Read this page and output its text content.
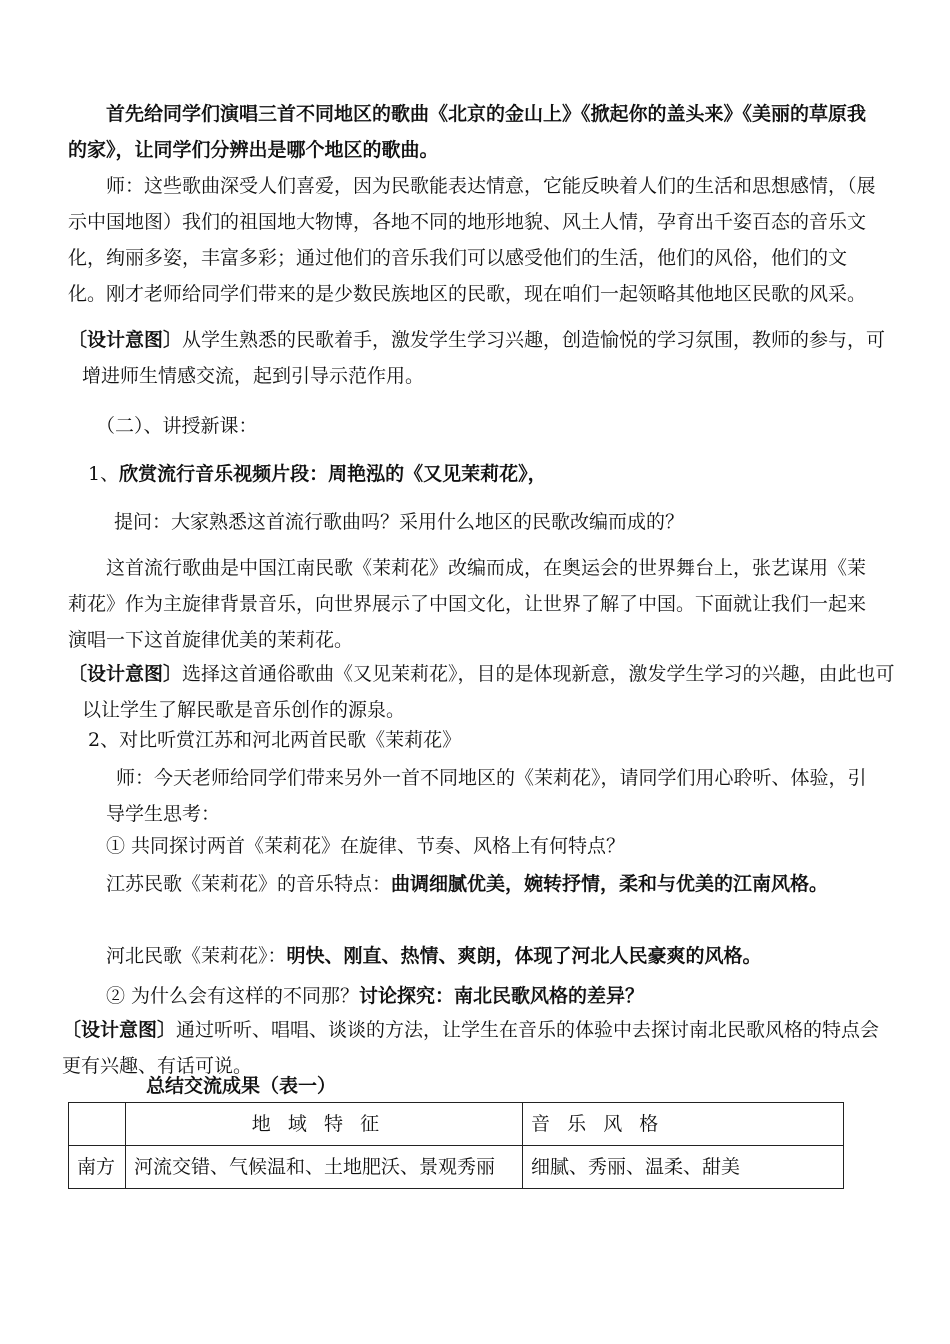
首先给同学们演唱三首不同地区的歌曲《北京的金山上》《掀起你的盖头来》《美丽的草原我的家》，让同学们分辨出是哪个地区的歌曲。

师：这些歌曲深受人们喜爱，因为民歌能表达情意，它能反映着人们的生活和思想感情，（展示中国地图）我们的祖国地大物博，各地不同的地形地貌、风土人情，孕育出千姿百态的音乐文化，绚丽多姿，丰富多彩；通过他们的音乐我们可以感受他们的生活，他们的风俗，他们的文化。刚才老师给同学们带来的是少数民族地区的民歌，现在咱们一起领略其他地区民歌的风采。

〔设计意图〕从学生熟悉的民歌着手，激发学生学习兴趣，创造愉悦的学习氛围，教师的参与，可增进师生情感交流，起到引导示范作用。

（二）、讲授新课：

1、欣赏流行音乐视频片段：周艳泓的《又见茉莉花》，

提问：大家熟悉这首流行歌曲吗？采用什么地区的民歌改编而成的？

这首流行歌曲是中国江南民歌《茉莉花》改编而成，在奥运会的世界舞台上，张艺谋用《茉莉花》作为主旋律背景音乐，向世界展示了中国文化，让世界了解了中国。下面就让我们一起来演唱一下这首旋律优美的茉莉花。

〔设计意图〕选择这首通俗歌曲《又见茉莉花》，目的是体现新意，激发学生学习的兴趣，由此也可以让学生了解民歌是音乐创作的源泉。

2、对比听赏江苏和河北两首民歌《茉莉花》

师：今天老师给同学们带来另外一首不同地区的《茉莉花》，请同学们用心聆听、体验，引导学生思考：

① 共同探讨两首《茉莉花》在旋律、节奏、风格上有何特点？

江苏民歌《茉莉花》的音乐特点：曲调细腻优美，婉转抒情，柔和与优美的江南风格。

河北民歌《茉莉花》：明快、刚直、热情、爽朗，体现了河北人民豪爽的风格。

② 为什么会有这样的不同那？讨论探究：南北民歌风格的差异？

〔设计意图〕通过听听、唱唱、谈谈的方法，让学生在音乐的体验中去探讨南北民歌风格的特点会更有兴趣、有话可说。

总结交流成果（表一）

	地域特征	音乐风格
南方	河流交错、气候温和、土地肥沃、景观秀丽	细腻、秀丽、温柔、甜美
